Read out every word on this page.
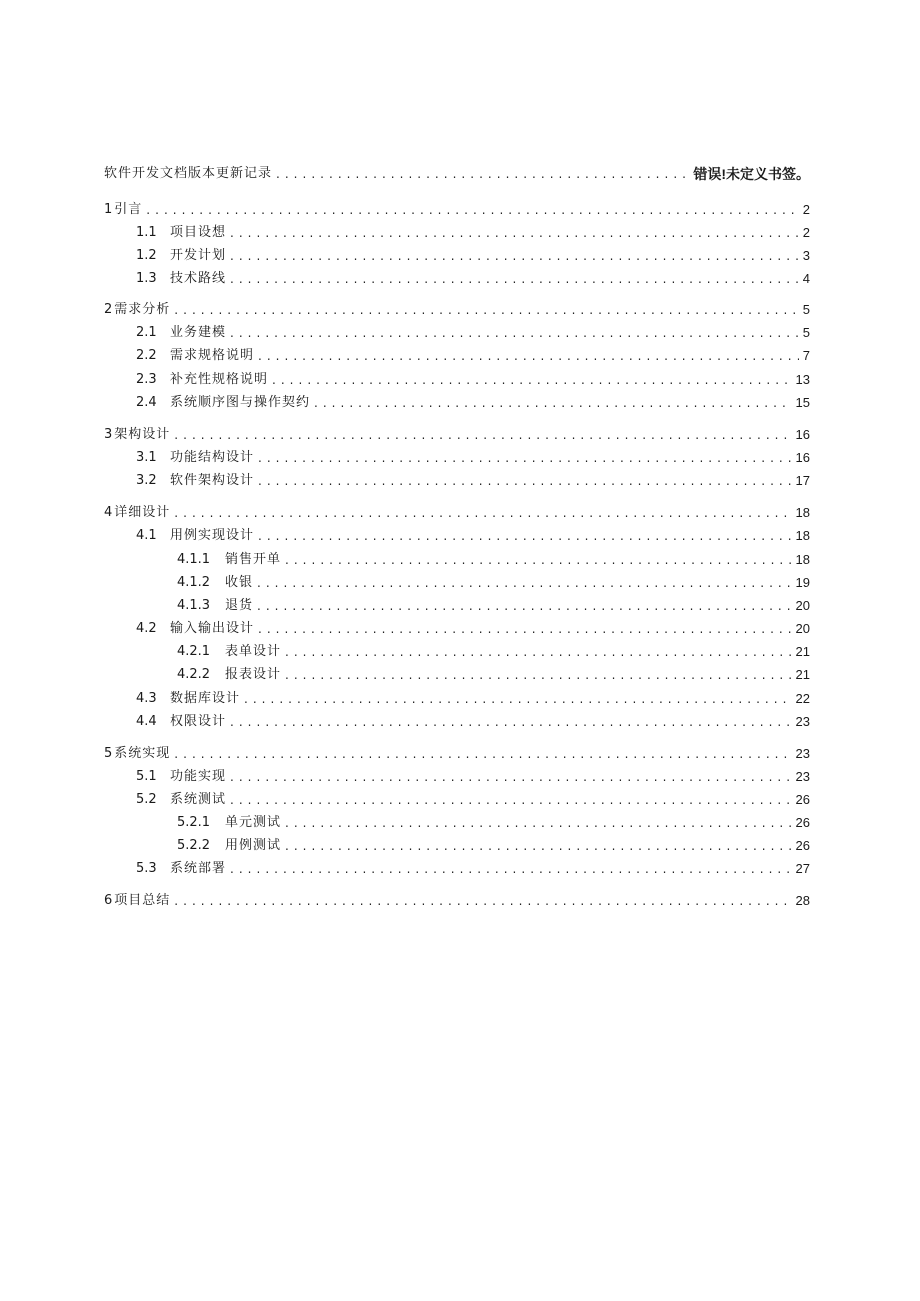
软件开发文档版本更新记录 . . .	错误!未定义书签。
1 引言 . . .	2
1.1	项目设想 . . .	2
1.2	开发计划 . . .	3
1.3	技术路线 . . .	4
2 需求分析 . . .	5
2.1	业务建模 . . .	5
2.2	需求规格说明 . . .	7
2.3	补充性规格说明 . . .	13
2.4	系统顺序图与操作契约 . . .	15
3 架构设计 . . .	16
3.1	功能结构设计 . . .	16
3.2	软件架构设计 . . .	17
4 详细设计 . . .	18
4.1	用例实现设计 . . .	18
4.1.1	销售开单 . . .	18
4.1.2	收银 . . .	19
4.1.3	退货 . . .	20
4.2	输入输出设计 . . .	20
4.2.1	表单设计 . . .	21
4.2.2	报表设计 . . .	21
4.3	数据库设计 . . .	22
4.4	权限设计 . . .	23
5 系统实现 . . .	23
5.1	功能实现 . . .	23
5.2	系统测试 . . .	26
5.2.1	单元测试 . . .	26
5.2.2	用例测试 . . .	26
5.3	系统部署 . . .	27
6 项目总结 . . .	28
